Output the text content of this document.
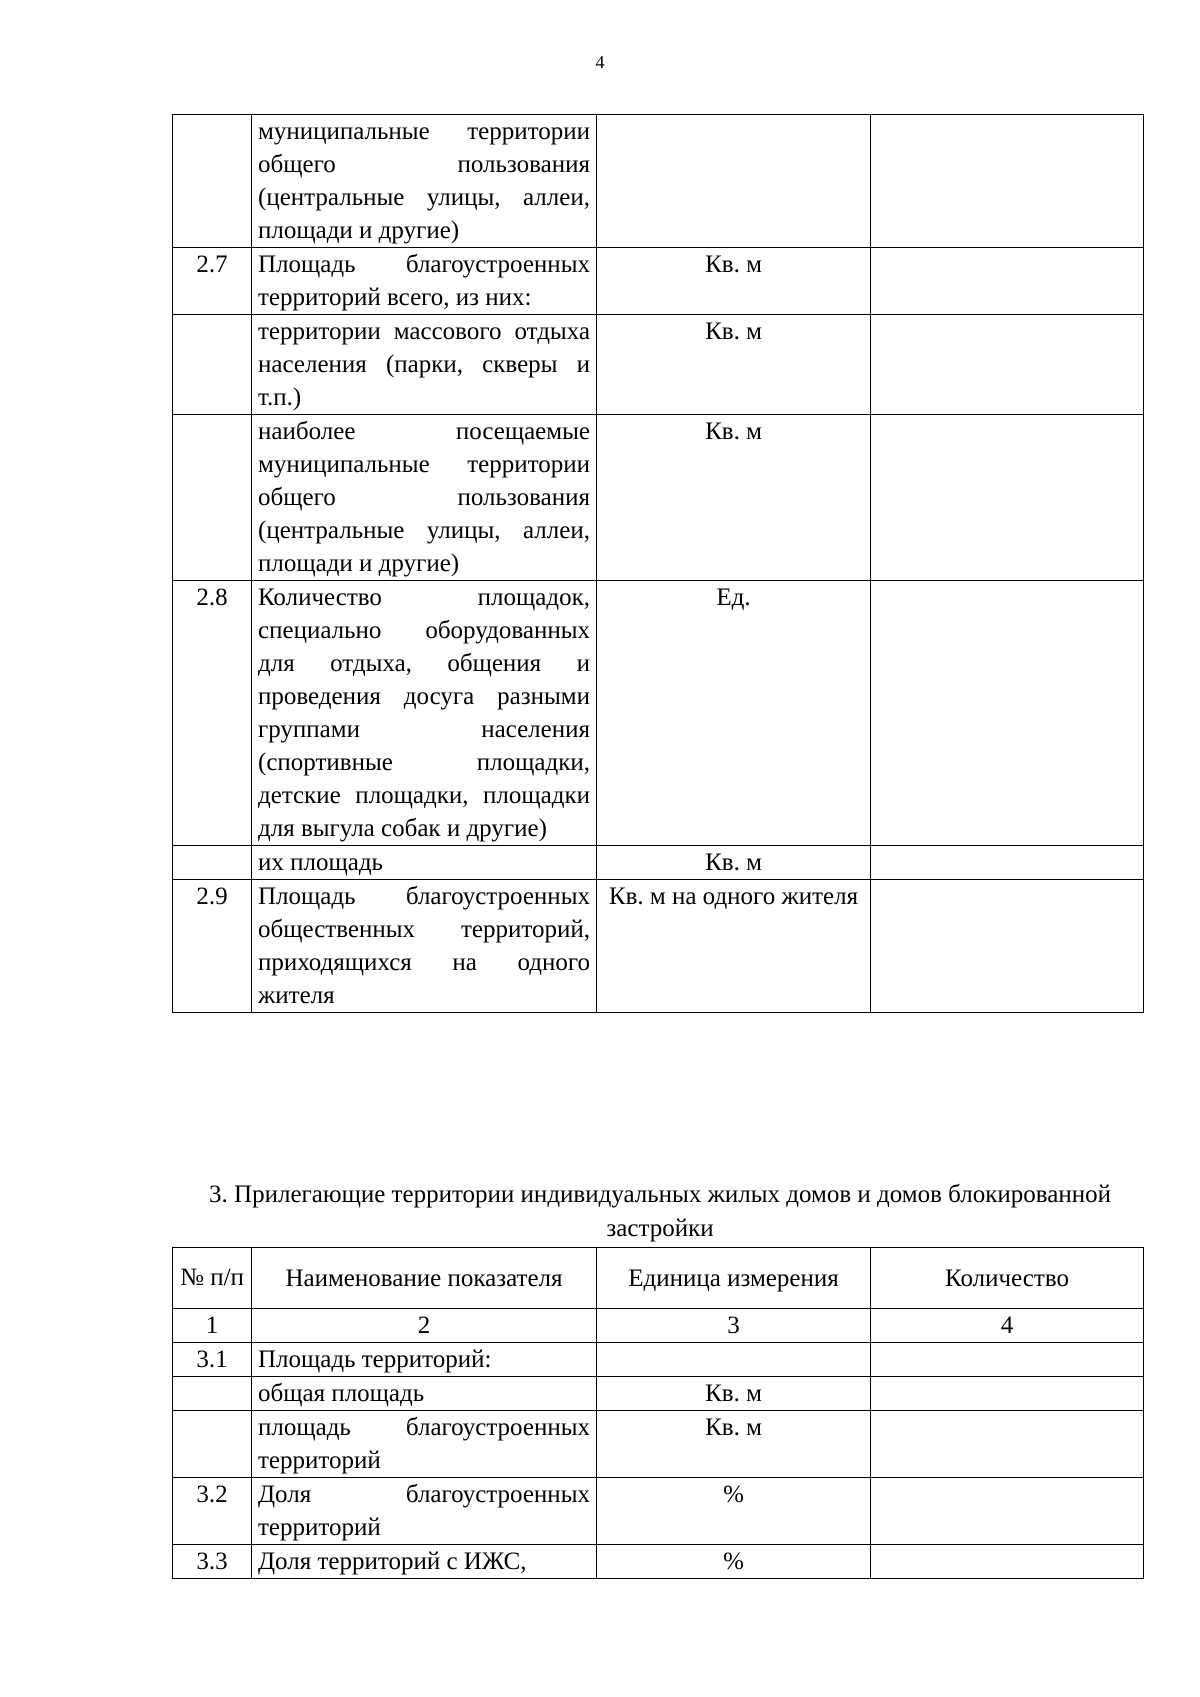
4
	муниципальные территории общего пользования (центральные улицы, аллеи, площади и другие)		
2.7	Площадь благоустроенных территорий всего, из них:	Кв. м	
	территории массового отдыха населения (парки, скверы и т.п.)	Кв. м	
	наиболее посещаемые муниципальные территории общего пользования (центральные улицы, аллеи, площади и другие)	Кв. м	
2.8	Количество площадок, специально оборудованных для отдыха, общения и проведения досуга разными группами населения (спортивные площадки, детские площадки, площадки для выгула собак и другие)	Ед.	
	их площадь	Кв. м	
2.9	Площадь благоустроенных общественных территорий, приходящихся на одного жителя	Кв. м на одного жителя	
3. Прилегающие территории индивидуальных жилых домов и домов блокированной застройки
№ п/п	Наименование показателя	Единица измерения	Количество
1	2	3	4
3.1	Площадь территорий:		
	общая площадь	Кв. м	
	площадь благоустроенных территорий	Кв. м	
3.2	Доля благоустроенных территорий	%	
3.3	Доля территорий с ИЖС,	%	
